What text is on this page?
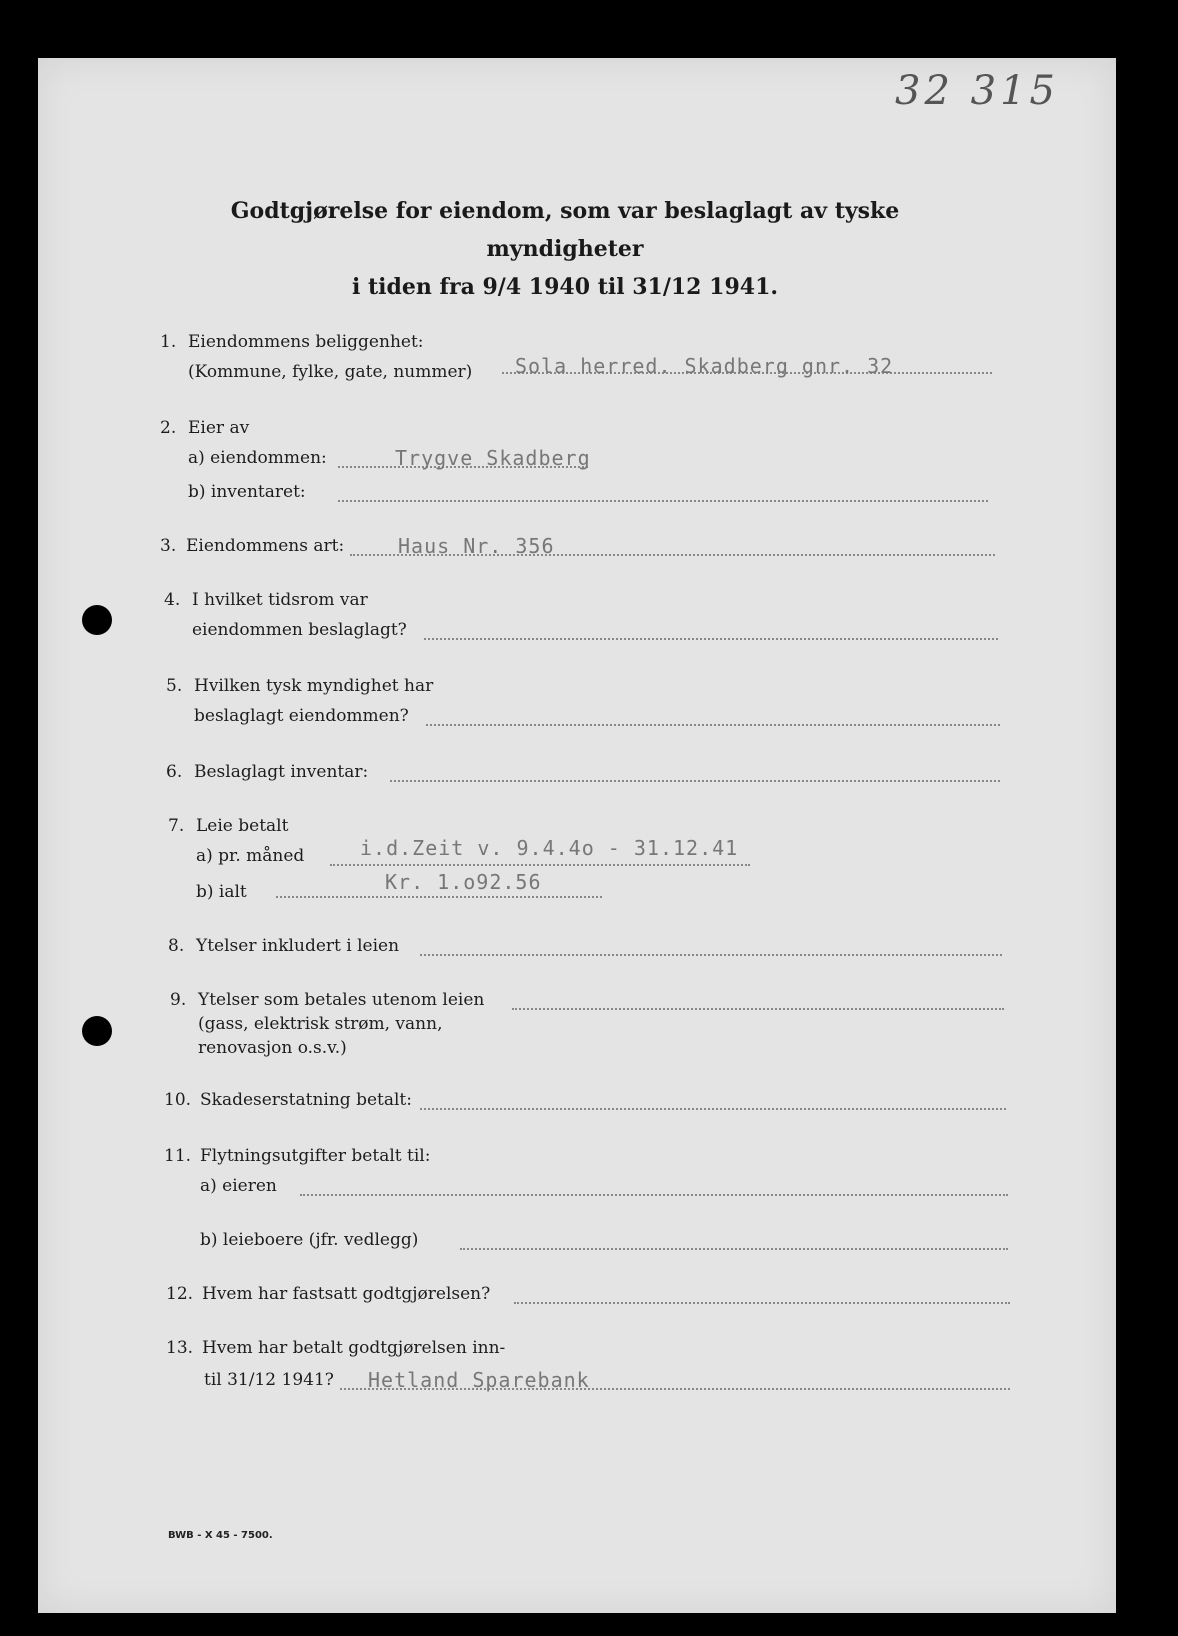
32 315
Godtgjørelse for eiendom, som var beslaglagt av tyske myndigheter
i tiden fra 9/4 1940 til 31/12 1941.
1. Eiendommens beliggenhet:
(Kommune, fylke, gate, nummer) Sola herred. Skadberg gnr. 32
2. Eier av
a) eiendommen:	Trygve Skadberg
b) inventaret:
3. Eiendommens art:	Haus Nr. 356
4. I hvilket tidsrom var
eiendommen beslaglagt?
5. Hvilken tysk myndighet har
beslaglagt eiendommen?
6. Beslaglagt inventar:
7. Leie betalt
a) pr. måned	i.d.Zeit v. 9.4.4o - 31.12.41
b) ialt	Kr. 1.o92.56
8. Ytelser inkludert i leien
9. Ytelser som betales utenom leien
(gass, elektrisk strøm, vann,
renovasjon o.s.v.)
10. Skadeserstatning betalt:
11. Flytningsutgifter betalt til:
a) eieren
b) leieboere (jfr. vedlegg)
12. Hvem har fastsatt godtgjørelsen?
13. Hvem har betalt godtgjørelsen inn-
til 31/12 1941? Hetland Sparebank
BWB - X 45 - 7500.
